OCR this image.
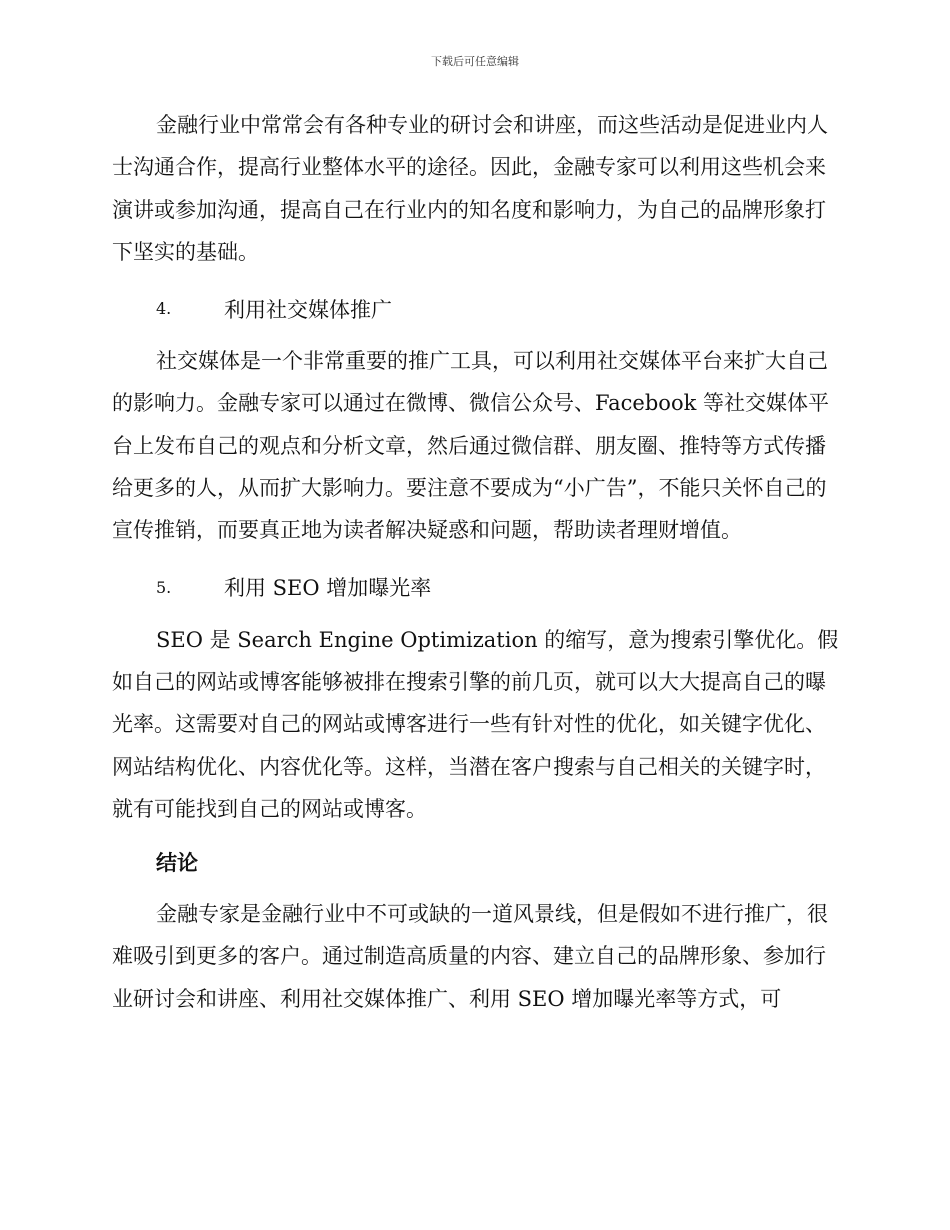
下载后可任意编辑

金融行业中常常会有各种专业的研讨会和讲座，而这些活动是促进业内人士沟通合作，提高行业整体水平的途径。因此，金融专家可以利用这些机会来演讲或参加沟通，提高自己在行业内的知名度和影响力，为自己的品牌形象打下坚实的基础。

4.	利用社交媒体推广

社交媒体是一个非常重要的推广工具，可以利用社交媒体平台来扩大自己的影响力。金融专家可以通过在微博、微信公众号、Facebook 等社交媒体平台上发布自己的观点和分析文章，然后通过微信群、朋友圈、推特等方式传播给更多的人，从而扩大影响力。要注意不要成为“小广告”，不能只关怀自己的宣传推销，而要真正地为读者解决疑惑和问题，帮助读者理财增值。

5.	利用 SEO 增加曝光率

SEO 是 Search Engine Optimization 的缩写，意为搜索引擎优化。假如自己的网站或博客能够被排在搜索引擎的前几页，就可以大大提高自己的曝光率。这需要对自己的网站或博客进行一些有针对性的优化，如关键字优化、网站结构优化、内容优化等。这样，当潜在客户搜索与自己相关的关键字时，就有可能找到自己的网站或博客。

结论

金融专家是金融行业中不可或缺的一道风景线，但是假如不进行推广，很难吸引到更多的客户。通过制造高质量的内容、建立自己的品牌形象、参加行业研讨会和讲座、利用社交媒体推广、利用 SEO 增加曝光率等方式，可
